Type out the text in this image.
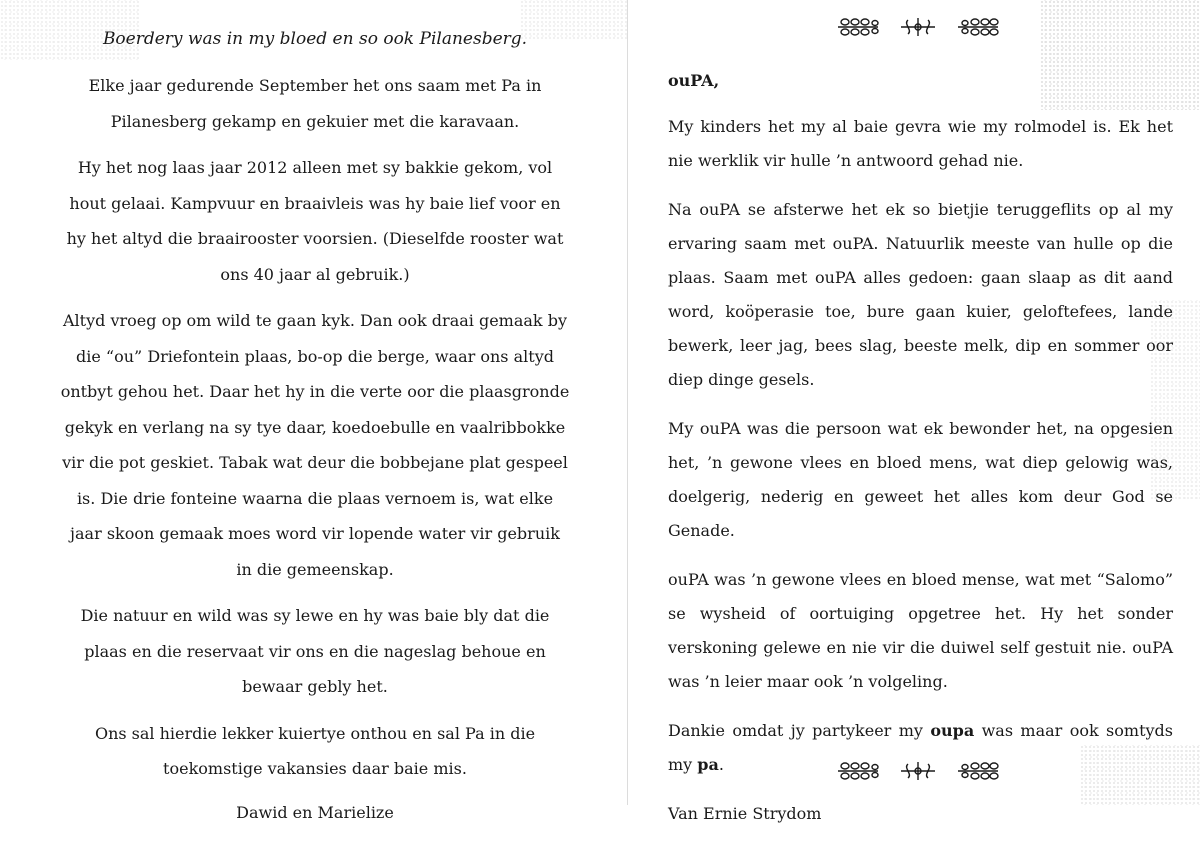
Boerdery was in my bloed en so ook Pilanesberg.

Elke jaar gedurende September het ons saam met Pa in Pilanesberg gekamp en gekuier met die karavaan.

Hy het nog laas jaar 2012 alleen met sy bakkie gekom, vol hout gelaai. Kampvuur en braaivleis was hy baie lief voor en hy het altyd die braairooster voorsien. (Dieselfde rooster wat ons 40 jaar al gebruik.)

Altyd vroeg op om wild te gaan kyk. Dan ook draai gemaak by die “ou” Driefontein plaas, bo-op die berge, waar ons altyd ontbyt gehou het. Daar het hy in die verte oor die plaasgronde gekyk en verlang na sy tye daar, koedoebulle en vaalribbokke vir die pot geskiet. Tabak wat deur die bobbejane plat gespeel is. Die drie fonteine waarna die plaas vernoem is, wat elke jaar skoon gemaak moes word vir lopende water vir gebruik in die gemeenskap.

Die natuur en wild was sy lewe en hy was baie bly dat die plaas en die reservaat vir ons en die nageslag behoue en bewaar gebly het.

Ons sal hierdie lekker kuiertye onthou en sal Pa in die toekomstige vakansies daar baie mis.

Dawid en Marielize

ouPA,

My kinders het my al baie gevra wie my rolmodel is. Ek het nie werklik vir hulle ’n antwoord gehad nie.

Na ouPA se afsterwe het ek so bietjie teruggeflits op al my ervaring saam met ouPA. Natuurlik meeste van hulle op die plaas. Saam met ouPA alles gedoen: gaan slaap as dit aand word, koöperasie toe, bure gaan kuier, geloftefees, lande bewerk, leer jag, bees slag, beeste melk, dip en sommer oor diep dinge gesels.

My ouPA was die persoon wat ek bewonder het, na opgesien het, ’n gewone vlees en bloed mens, wat diep gelowig was, doelgerig, nederig en geweet het alles kom deur God se Genade.

ouPA was ’n gewone vlees en bloed mense, wat met “Salomo” se wysheid of oortuiging opgetree het. Hy het sonder verskoning gelewe en nie vir die duiwel self gestuit nie. ouPA was ’n leier maar ook ’n volgeling.

Dankie omdat jy partykeer my oupa was maar ook somtyds my pa.

Van Ernie Strydom
